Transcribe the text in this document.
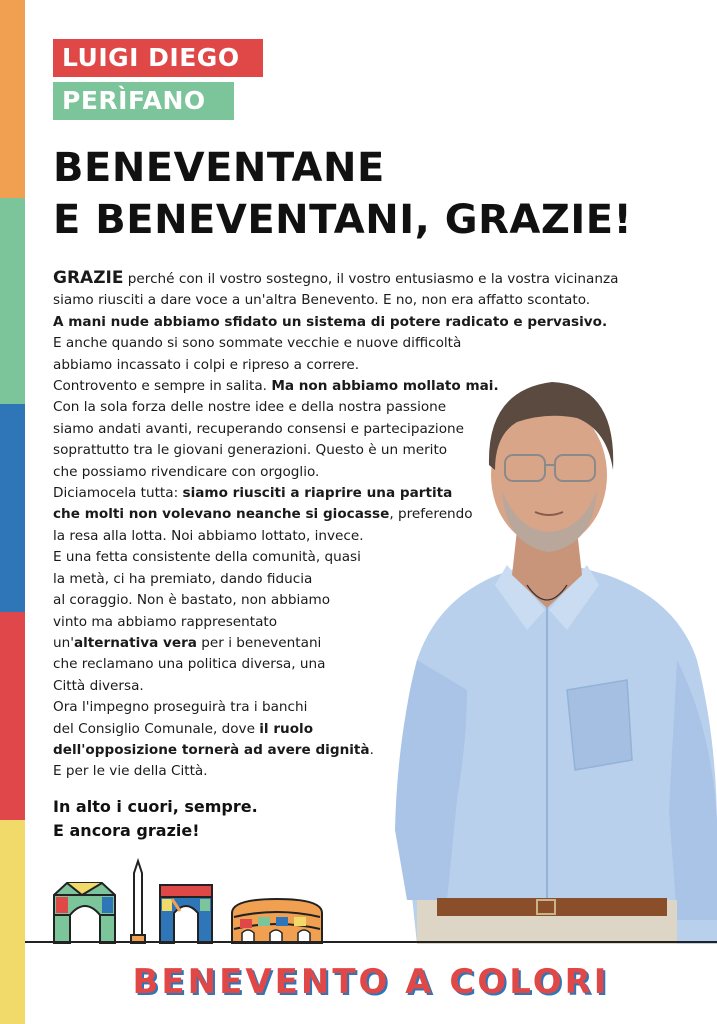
LUIGI DIEGO
PERÌFANO
BENEVENTANE
E BENEVENTANI, GRAZIE!
GRAZIE perché con il vostro sostegno, il vostro entusiasmo e la vostra vicinanza
siamo riusciti a dare voce a un'altra Benevento. E no, non era affatto scontato.
A mani nude abbiamo sfidato un sistema di potere radicato e pervasivo.
E anche quando si sono sommate vecchie e nuove difficoltà
abbiamo incassato i colpi e ripreso a correre.
Controvento e sempre in salita. Ma non abbiamo mollato mai.
Con la sola forza delle nostre idee e della nostra passione
siamo andati avanti, recuperando consensi e partecipazione
soprattutto tra le giovani generazioni. Questo è un merito
che possiamo rivendicare con orgoglio.
Diciamocela tutta: siamo riusciti a riaprire una partita
che molti non volevano neanche si giocasse, preferendo
la resa alla lotta. Noi abbiamo lottato, invece.
E una fetta consistente della comunità, quasi
la metà, ci ha premiato, dando fiducia
al coraggio. Non è bastato, non abbiamo
vinto ma abbiamo rappresentato
un'alternativa vera per i beneventani
che reclamano una politica diversa, una
Città diversa.
Ora l'impegno proseguirà tra i banchi
del Consiglio Comunale, dove il ruolo
dell'opposizione tornerà ad avere dignità.
E per le vie della Città.
In alto i cuori, sempre.
E ancora grazie!
BENEVENTO A COLORI
